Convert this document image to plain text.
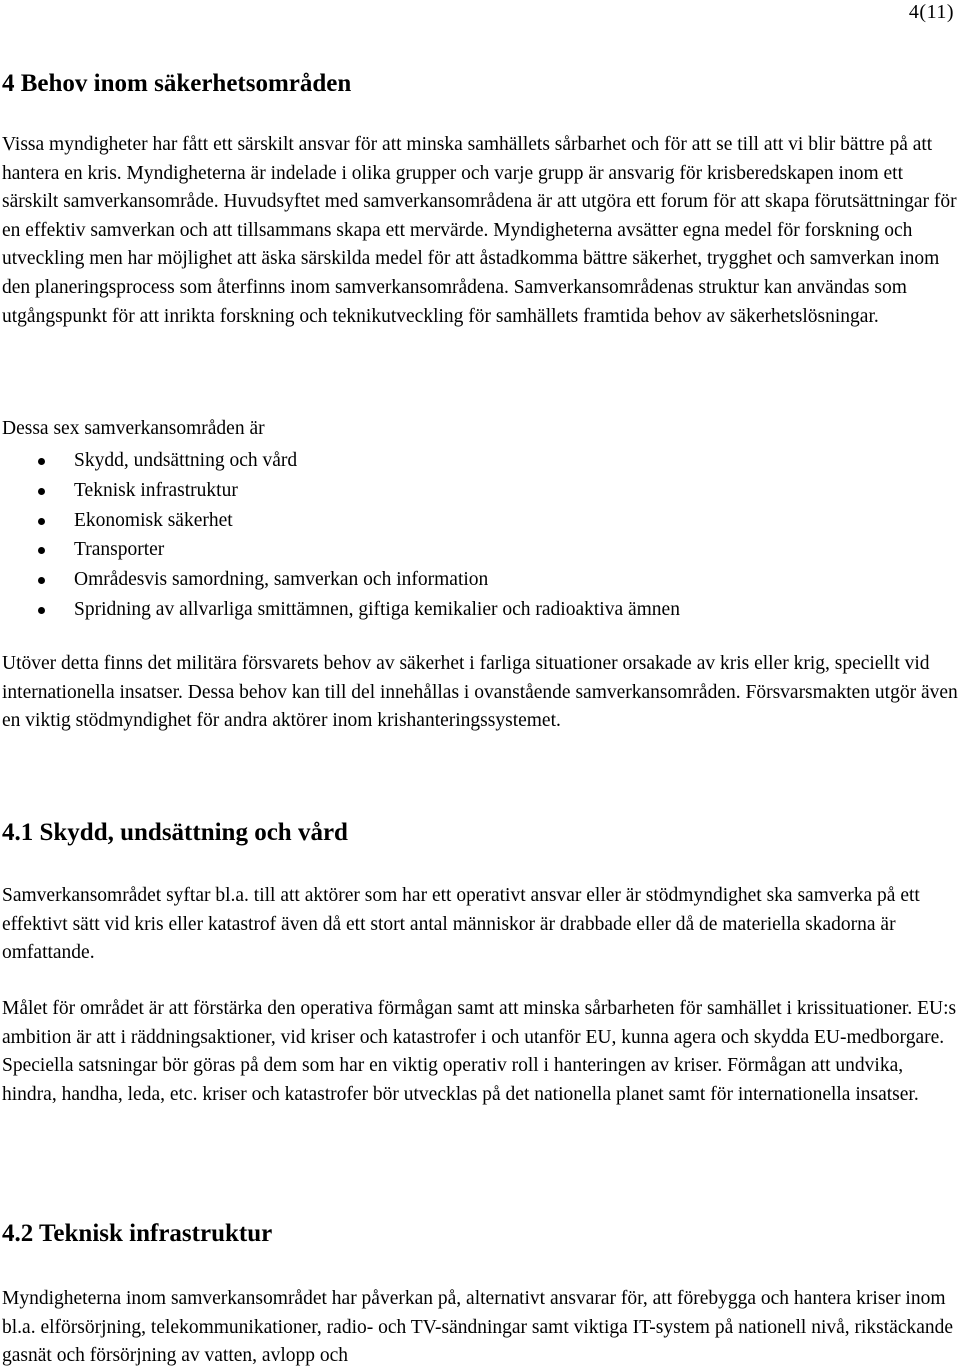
4(11)
4 Behov inom säkerhetsområden

Vissa myndigheter har fått ett särskilt ansvar för att minska samhällets sårbarhet och för att se till att vi blir bättre på att hantera en kris. Myndigheterna är indelade i olika grupper och varje grupp är ansvarig för krisberedskapen inom ett särskilt samverkansområde. Huvudsyftet med samverkansområdena är att utgöra ett forum för att skapa förutsättningar för en effektiv samverkan och att tillsammans skapa ett mervärde. Myndigheterna avsätter egna medel för forskning och utveckling men har möjlighet att äska särskilda medel för att åstadkomma bättre säkerhet, trygghet och samverkan inom den planeringsprocess som återfinns inom samverkansområdena. Samverkansområdenas struktur kan användas som utgångspunkt för att inrikta forskning och teknikutveckling för samhällets framtida behov av säkerhetslösningar.

Dessa sex samverkansområden är

Skydd, undsättning och vård
Teknisk infrastruktur
Ekonomisk säkerhet
Transporter
Områdesvis samordning, samverkan och information
Spridning av allvarliga smittämnen, giftiga kemikalier och radioaktiva ämnen

Utöver detta finns det militära försvarets behov av säkerhet i farliga situationer orsakade av kris eller krig, speciellt vid internationella insatser. Dessa behov kan till del innehållas i ovanstående samverkansområden. Försvarsmakten utgör även en viktig stödmyndighet för andra aktörer inom krishanteringssystemet.

4.1 Skydd, undsättning och vård

Samverkansområdet syftar bl.a. till att aktörer som har ett operativt ansvar eller är stödmyndighet ska samverka på ett effektivt sätt vid kris eller katastrof även då ett stort antal människor är drabbade eller då de materiella skadorna är omfattande.

Målet för området är att förstärka den operativa förmågan samt att minska sårbarheten för samhället i krissituationer. EU:s ambition är att i räddningsaktioner, vid kriser och katastrofer i och utanför EU, kunna agera och skydda EU-medborgare. Speciella satsningar bör göras på dem som har en viktig operativ roll i hanteringen av kriser. Förmågan att undvika, hindra, handha, leda, etc. kriser och katastrofer bör utvecklas på det nationella planet samt för internationella insatser.

4.2 Teknisk infrastruktur

Myndigheterna inom samverkansområdet har påverkan på, alternativt ansvarar för, att förebygga och hantera kriser inom bl.a. elförsörjning, telekommunikationer, radio- och TV-sändningar samt viktiga IT-system på nationell nivå, rikstäckande gasnät och försörjning av vatten, avlopp och
